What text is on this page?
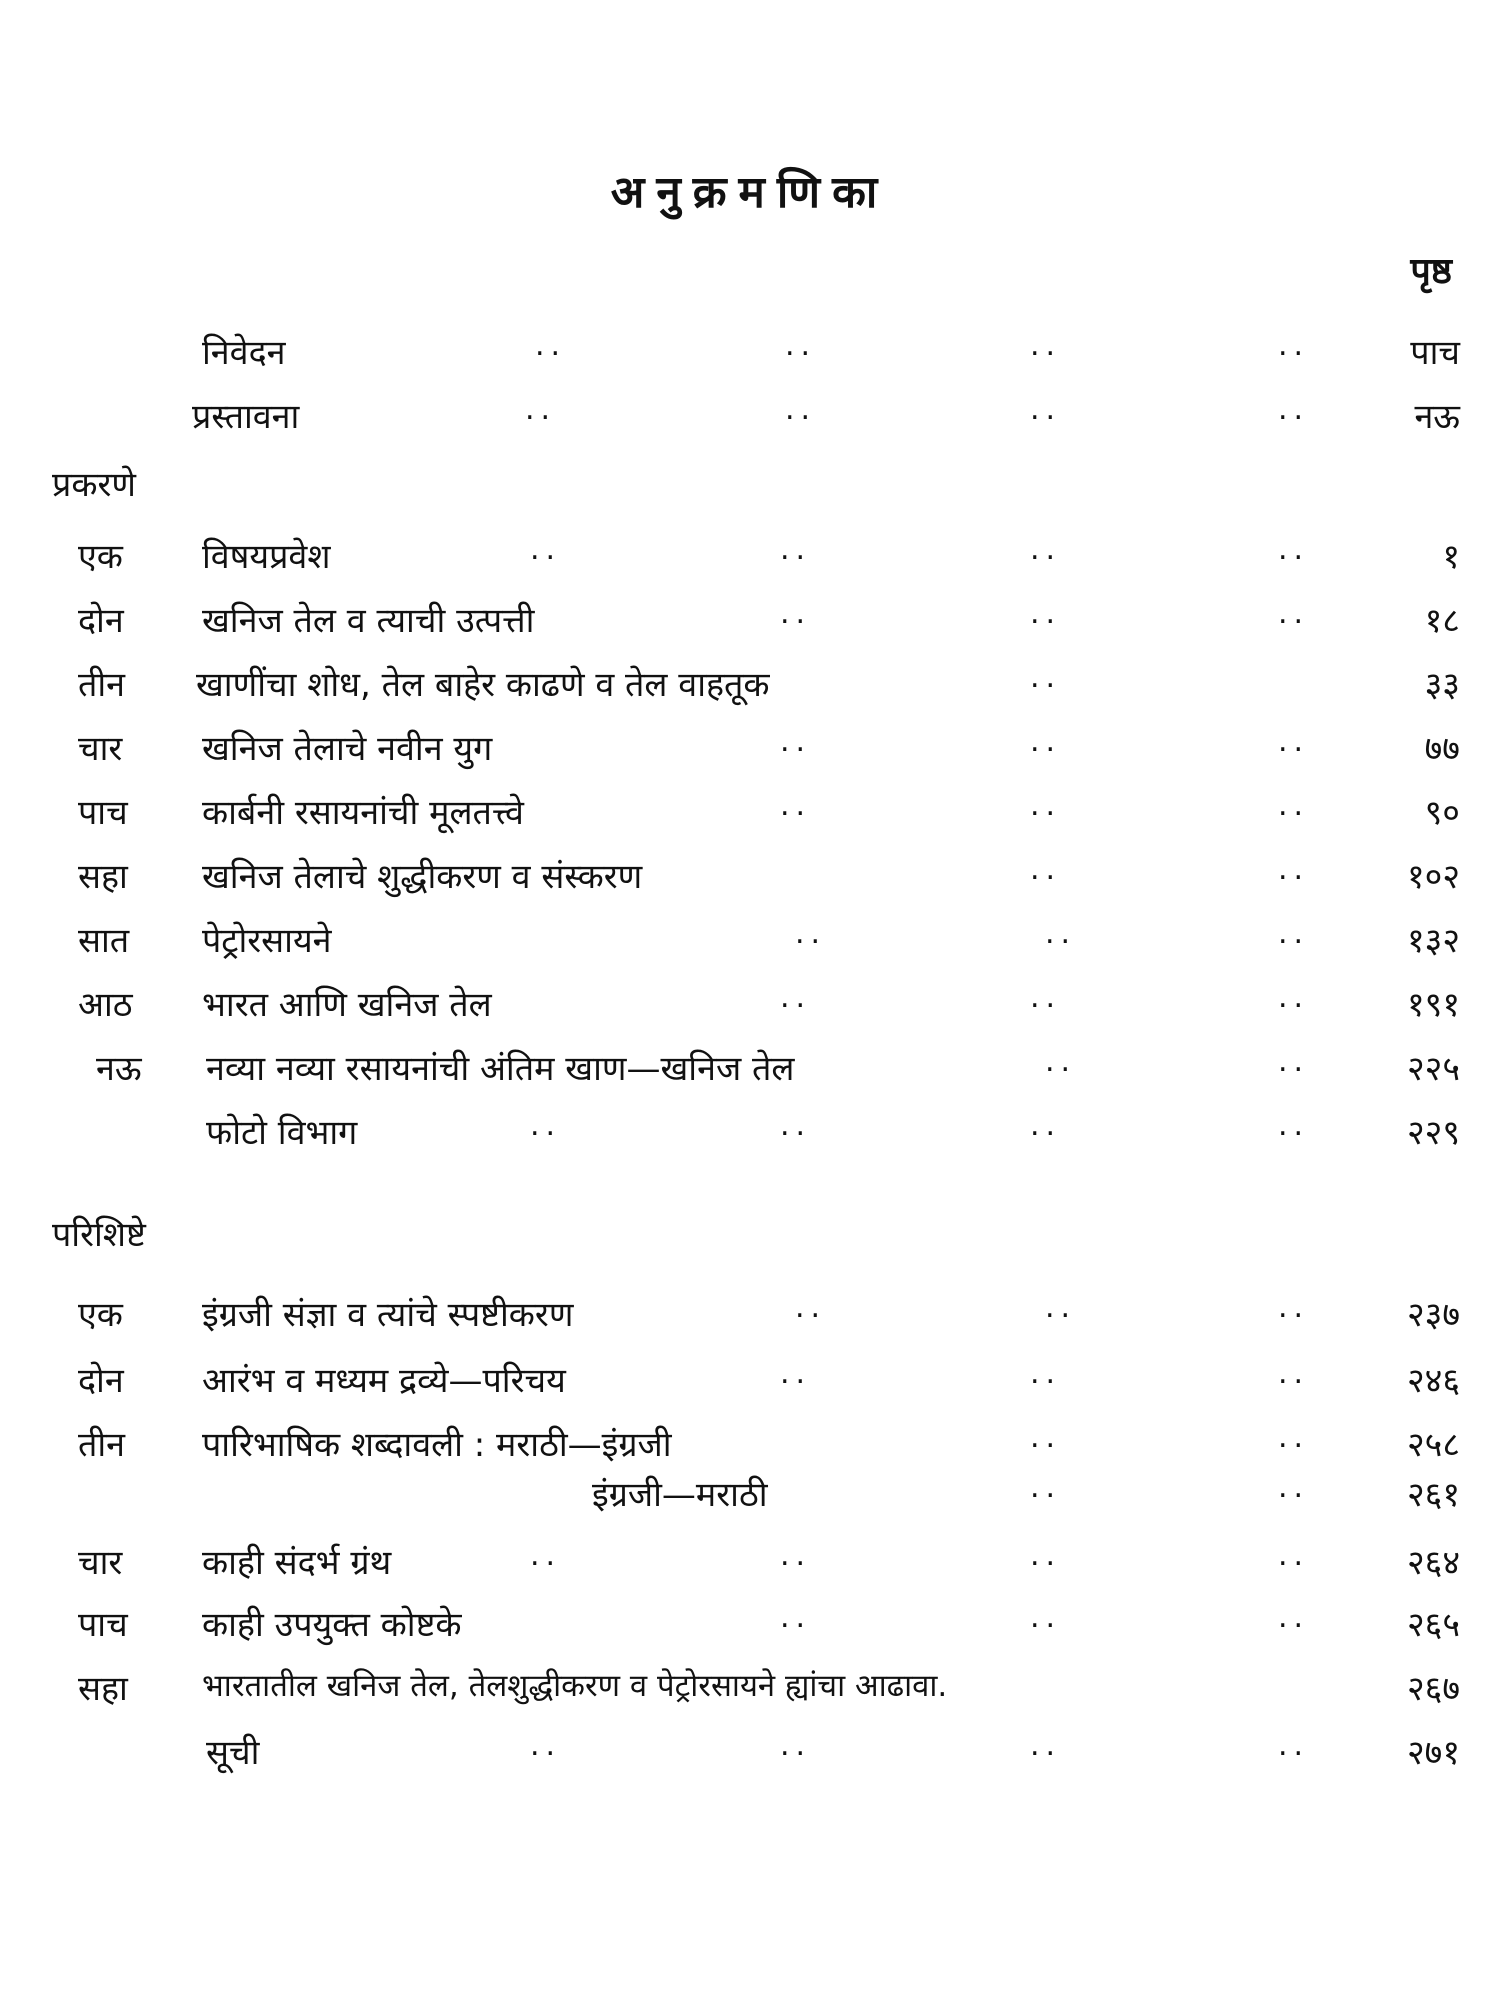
अनुक्रमणिका
पृष्ठ
निवेदन	..	..	..	..	पाच
प्रस्तावना	..	..	..	..	नऊ
प्रकरणे
एक विषयप्रवेश	..	..	..	..	१
दोन खनिज तेल व त्याची उत्पत्ती	..	..	..	१८
तीन खाणींचा शोध, तेल बाहेर काढणे व तेल वाहतूक	..	३३
चार खनिज तेलाचे नवीन युग	..	..	..	७७
पाच कार्बनी रसायनांची मूलतत्त्वे	..	..	..	९०
सहा खनिज तेलाचे शुद्धीकरण व संस्करण	..	..	१०२
सात पेट्रोरसायने	..	..	..	१३२
आठ भारत आणि खनिज तेल	..	..	..	१९१
नऊ नव्या नव्या रसायनांची अंतिम खाण—खनिज तेल	..	..	२२५
फोटो विभाग	..	..	..	..	२२९
परिशिष्टे
एक इंग्रजी संज्ञा व त्यांचे स्पष्टीकरण	..	..	..	२३७
दोन आरंभ व मध्यम द्रव्ये—परिचय	..	..	..	२४६
तीन पारिभाषिक शब्दावली : मराठी—इंग्रजी	..	..	२५८
इंग्रजी—मराठी	..	..	२६१
चार काही संदर्भ ग्रंथ	..	..	..	..	२६४
पाच काही उपयुक्त कोष्टके	..	..	..	२६५
सहा भारतातील खनिज तेल, तेलशुद्धीकरण व पेट्रोरसायने ह्यांचा आढावा.	२६७
सूची	..	..	..	..	२७१
